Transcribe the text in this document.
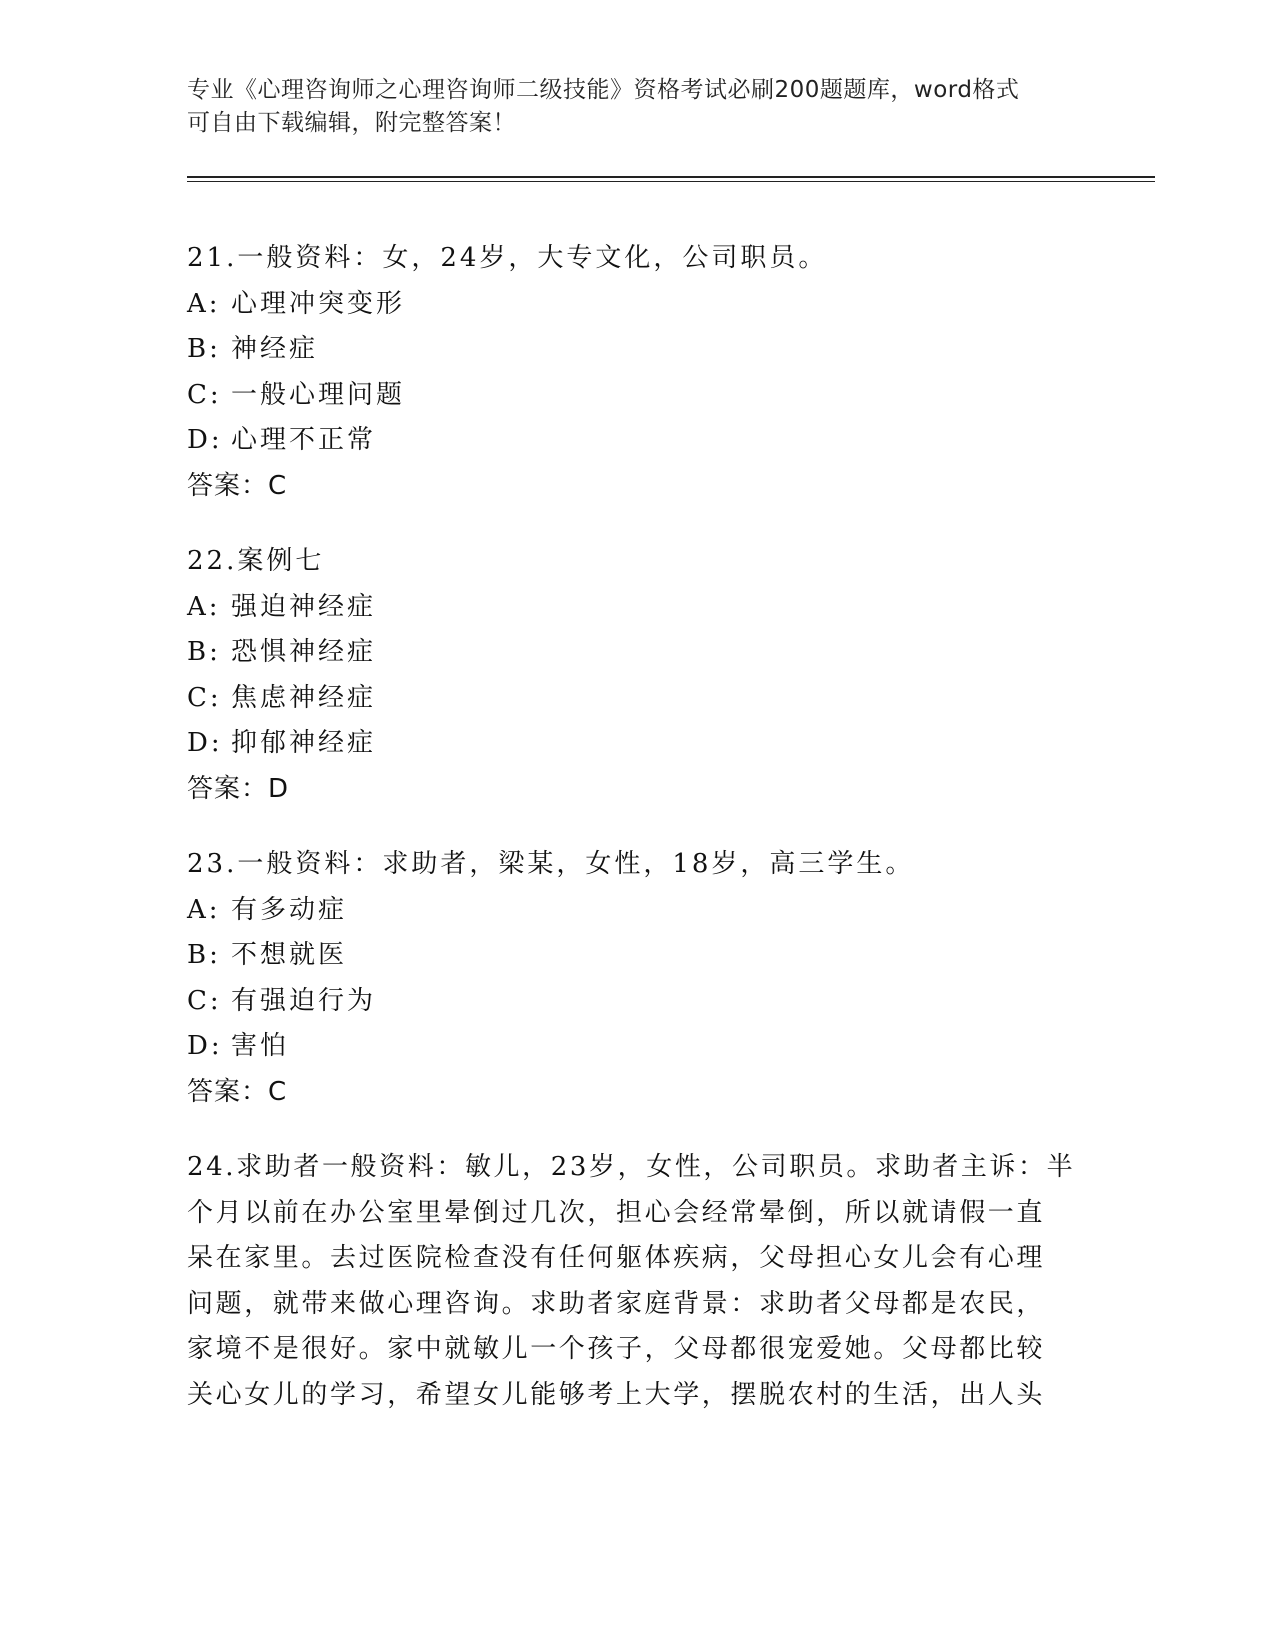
专业《心理咨询师之心理咨询师二级技能》资格考试必刷200题题库，word格式
可自由下载编辑，附完整答案！
21.一般资料：女，24岁，大专文化，公司职员。
A: 心理冲突变形
B: 神经症
C: 一般心理问题
D: 心理不正常
答案：C
22.案例七
A: 强迫神经症
B: 恐惧神经症
C: 焦虑神经症
D: 抑郁神经症
答案：D
23.一般资料：求助者，梁某，女性，18岁，高三学生。
A: 有多动症
B: 不想就医
C: 有强迫行为
D: 害怕
答案：C
24.求助者一般资料：敏儿，23岁，女性，公司职员。求助者主诉：半
个月以前在办公室里晕倒过几次，担心会经常晕倒，所以就请假一直
呆在家里。去过医院检查没有任何躯体疾病，父母担心女儿会有心理
问题，就带来做心理咨询。求助者家庭背景：求助者父母都是农民，
家境不是很好。家中就敏儿一个孩子，父母都很宠爱她。父母都比较
关心女儿的学习，希望女儿能够考上大学，摆脱农村的生活，出人头
